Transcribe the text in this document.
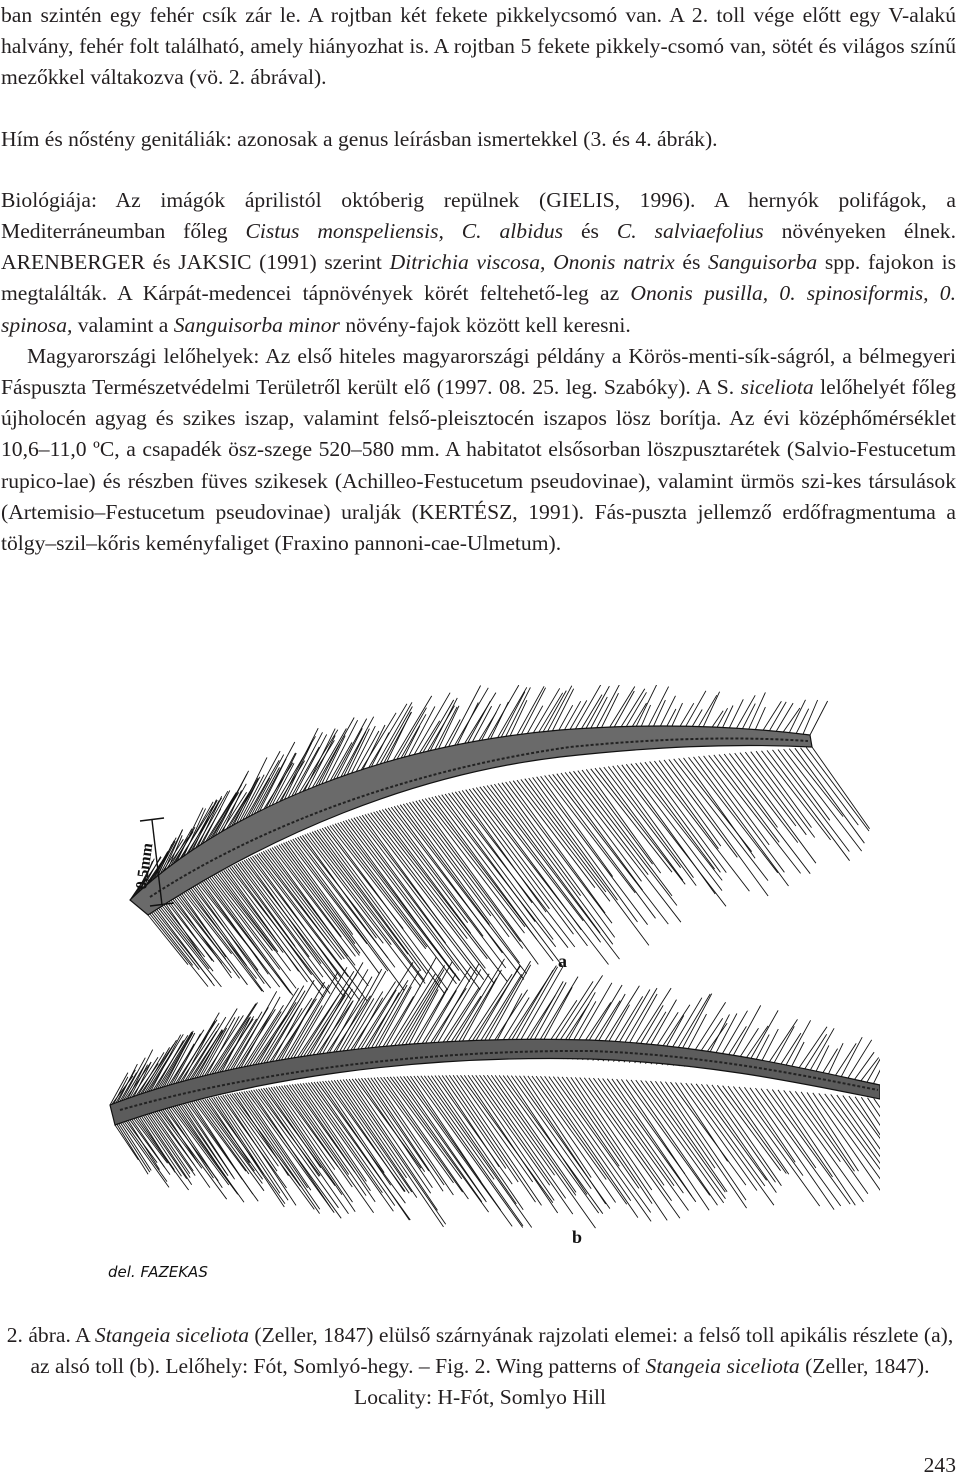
ban szintén egy fehér csík zár le. A rojtban két fekete pikkelycsomó van. A 2. toll vége előtt egy V-alakú halvány, fehér folt található, amely hiányozhat is. A rojtban 5 fekete pikkely-csomó van, sötét és világos színű mezőkkel váltakozva (vö. 2. ábrával).

Hím és nőstény genitáliák: azonosak a genus leírásban ismertekkel (3. és 4. ábrák).

Biológiája: Az imágók áprilistól októberig repülnek (GIELIS, 1996). A hernyók polifágok, a Mediterráneumban főleg Cistus monspeliensis, C. albidus és C. salviaefolius növényeken élnek. ARENBERGER és JAKSIC (1991) szerint Ditrichia viscosa, Ononis natrix és Sanguisorba spp. fajokon is megtalálták. A Kárpát-medencei tápnövények körét feltehető-leg az Ononis pusilla, 0. spinosiformis, 0. spinosa, valamint a Sanguisorba minor növény-fajok között kell keresni.

Magyarországi lelőhelyek: Az első hiteles magyarországi példány a Körös-menti-sík-ságról, a bélmegyeri Fáspuszta Természetvédelmi Területről került elő (1997. 08. 25. leg. Szabóky). A S. siceliota lelőhelyét főleg újholocén agyag és szikes iszap, valamint felső-pleisztocén iszapos lösz borítja. Az évi középhőmérséklet 10,6–11,0 ºC, a csapadék ösz-szege 520–580 mm. A habitatot elsősorban löszpusztarétek (Salvio-Festucetum rupico-lae) és részben füves szikesek (Achilleo-Festucetum pseudovinae), valamint ürmös szi-kes társulások (Artemisio–Festucetum pseudovinae) uralják (KERTÉSZ, 1991). Fás-puszta jellemző erdőfragmentuma a tölgy–szil–kőris keményfaliget (Fraxino pannoni-cae-Ulmetum).

0,5mm
a
b
del. FAZEKAS

2. ábra. A Stangeia siceliota (Zeller, 1847) elülső szárnyának rajzolati elemei: a felső toll apikális részlete (a), az alsó toll (b). Lelőhely: Fót, Somlyó-hegy. – Fig. 2. Wing patterns of Stangeia siceliota (Zeller, 1847). Locality: H-Fót, Somlyo Hill

243
